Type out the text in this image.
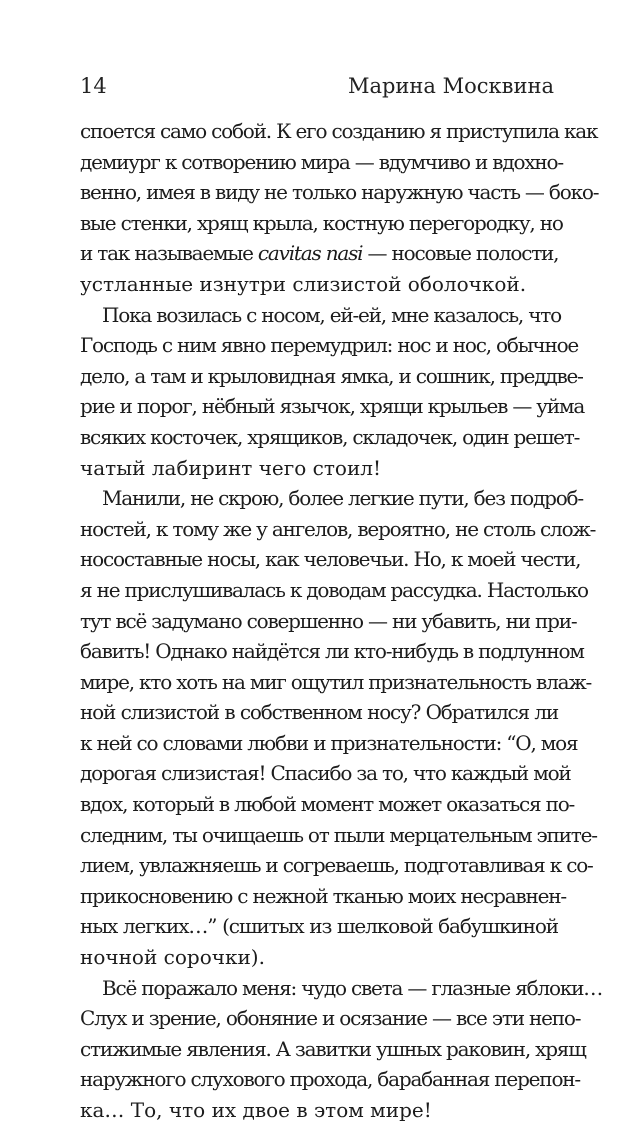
14	Марина Москвина
споется само собой. К его созданию я приступила как
демиург к сотворению мира — вдумчиво и вдохно-
венно, имея в виду не только наружную часть — боко-
вые стенки, хрящ крыла, костную перегородку, но
и так называемые cavitas nasi — носовые полости,
устланные изнутри слизистой оболочкой.
Пока возилась с носом, ей-ей, мне казалось, что
Господь с ним явно перемудрил: нос и нос, обычное
дело, а там и крыловидная ямка, и сошник, преддве-
рие и порог, нёбный язычок, хрящи крыльев — уйма
всяких косточек, хрящиков, складочек, один решет-
чатый лабиринт чего стоил!
Манили, не скрою, более легкие пути, без подроб-
ностей, к тому же у ангелов, вероятно, не столь слож-
носоставные носы, как человечьи. Но, к моей чести,
я не прислушивалась к доводам рассудка. Настолько
тут всё задумано совершенно — ни убавить, ни при-
бавить! Однако найдётся ли кто-нибудь в подлунном
мире, кто хоть на миг ощутил признательность влаж-
ной слизистой в собственном носу? Обратился ли
к ней со словами любви и признательности: “О, моя
дорогая слизистая! Спасибо за то, что каждый мой
вдох, который в любой момент может оказаться по-
следним, ты очищаешь от пыли мерцательным эпите-
лием, увлажняешь и согреваешь, подготавливая к со-
прикосновению с нежной тканью моих несравнен-
ных легких…” (сшитых из шелковой бабушкиной
ночной сорочки).
Всё поражало меня: чудо света — глазные яблоки…
Слух и зрение, обоняние и осязание — все эти непо-
стижимые явления. А завитки ушных раковин, хрящ
наружного слухового прохода, барабанная перепон-
ка… То, что их двое в этом мире!
